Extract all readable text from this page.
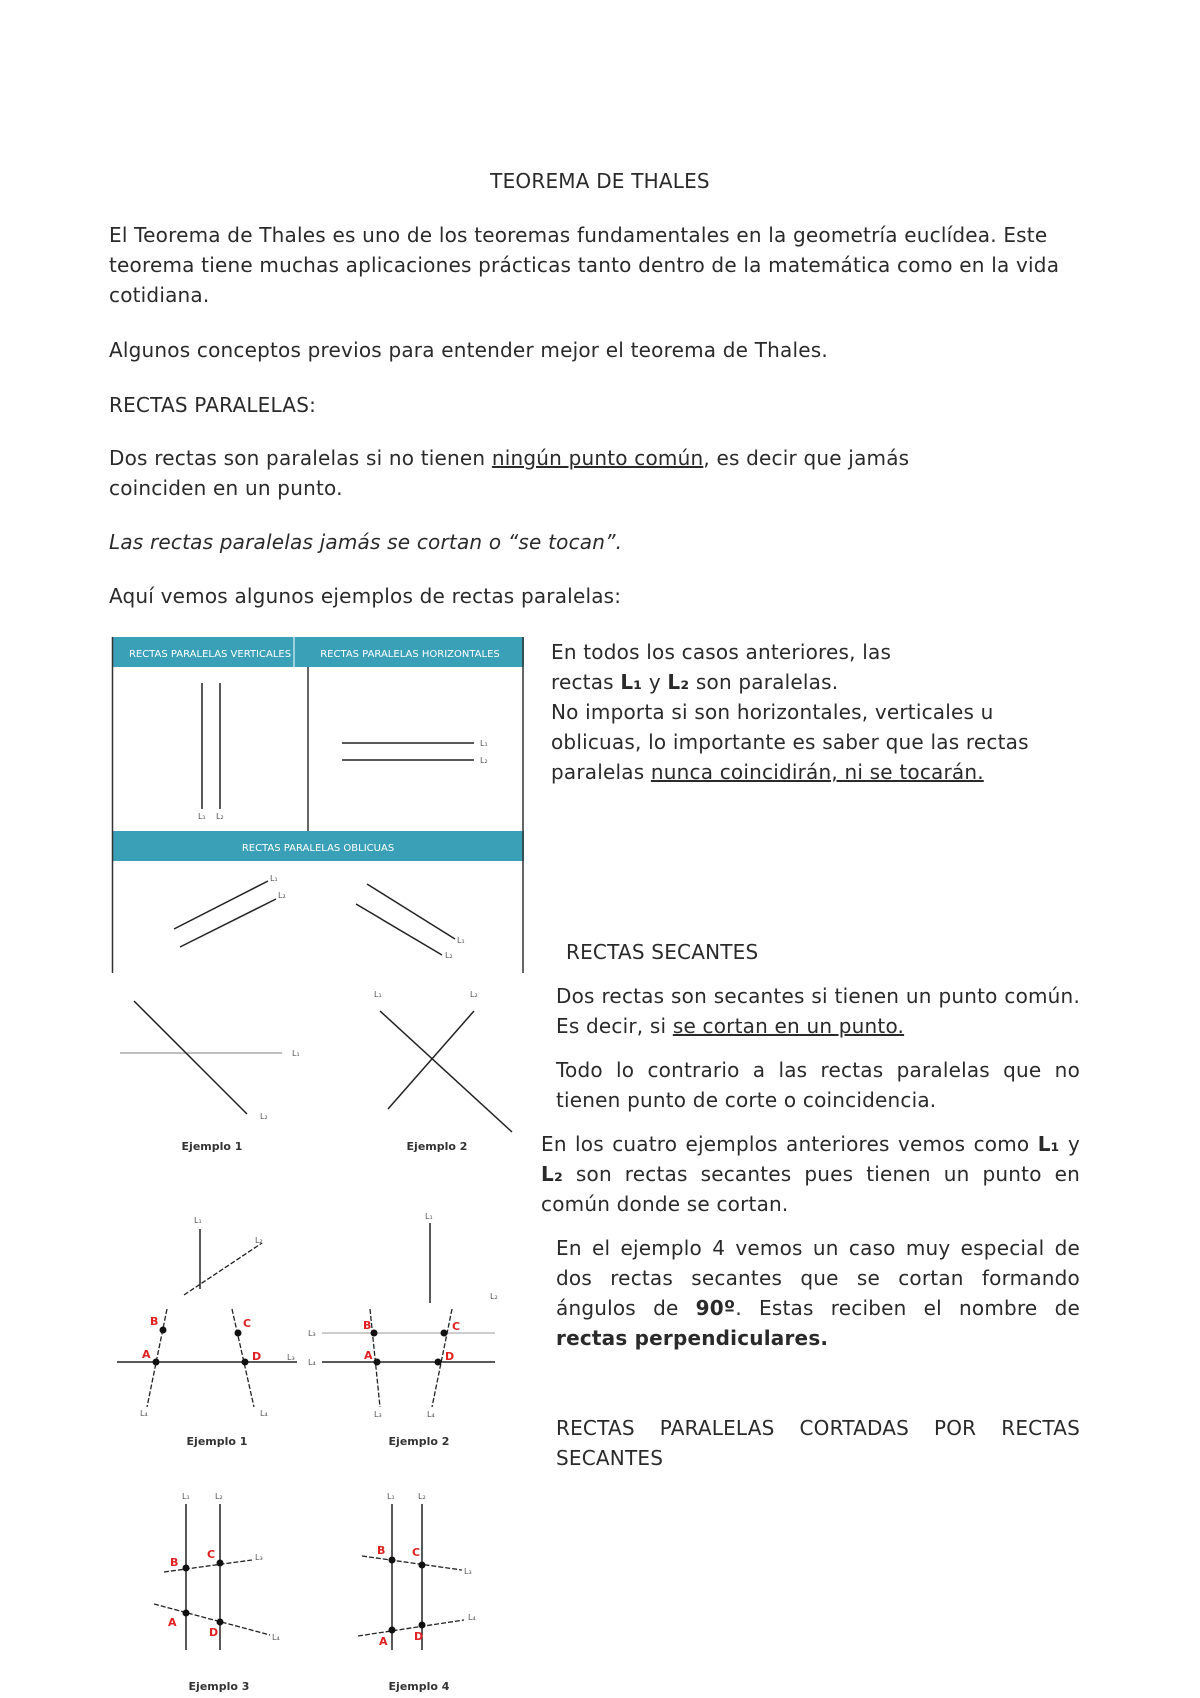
TEOREMA DE THALES

El Teorema de Thales es uno de los teoremas fundamentales en la geometría euclídea. Este teorema tiene muchas aplicaciones prácticas tanto dentro de la matemática como en la vida cotidiana.

Algunos conceptos previos para entender mejor el teorema de Thales.

RECTAS PARALELAS:

Dos rectas son paralelas si no tienen ningún punto común, es decir que jamás coinciden en un punto.

Las rectas paralelas jamás se cortan o “se tocan”.

Aquí vemos algunos ejemplos de rectas paralelas:

RECTAS PARALELAS VERTICALES	RECTAS PARALELAS HORIZONTALES
RECTAS PARALELAS OBLICUAS
L₁ L₂
L₁
L₂
L₁
L₂
L₁
L₂

En todos los casos anteriores, las
rectas L₁ y L₂ son paralelas.
No importa si son horizontales, verticales u oblicuas, lo importante es saber que las rectas paralelas nunca coincidirán, ni se tocarán.

RECTAS SECANTES
L₁
L₂
Ejemplo 1
L₁	L₂
Ejemplo 2

Dos rectas son secantes si tienen un punto común. Es decir, si se cortan en un punto.

Todo lo contrario a las rectas paralelas que no tienen punto de corte o coincidencia.

En los cuatro ejemplos anteriores vemos como L₁ y L₂ son rectas secantes pues tienen un punto en común donde se cortan.

En el ejemplo 4 vemos un caso muy especial de dos rectas secantes que se cortan formando ángulos de 90º. Estas reciben el nombre de rectas perpendiculares.

RECTAS PARALELAS CORTADAS POR RECTAS SECANTES

L₁
L₂
B
A
C
D	L₃
L₄	L₄
Ejemplo 1
L₁
L₂
B
A
C
D
L₃
L₄
L₃	L₄
Ejemplo 2
L₁	L₂
B
C
A
D
L₃
L₄
Ejemplo 3
L₁	L₂
B C
A D
L₃
L₄
Ejemplo 4
